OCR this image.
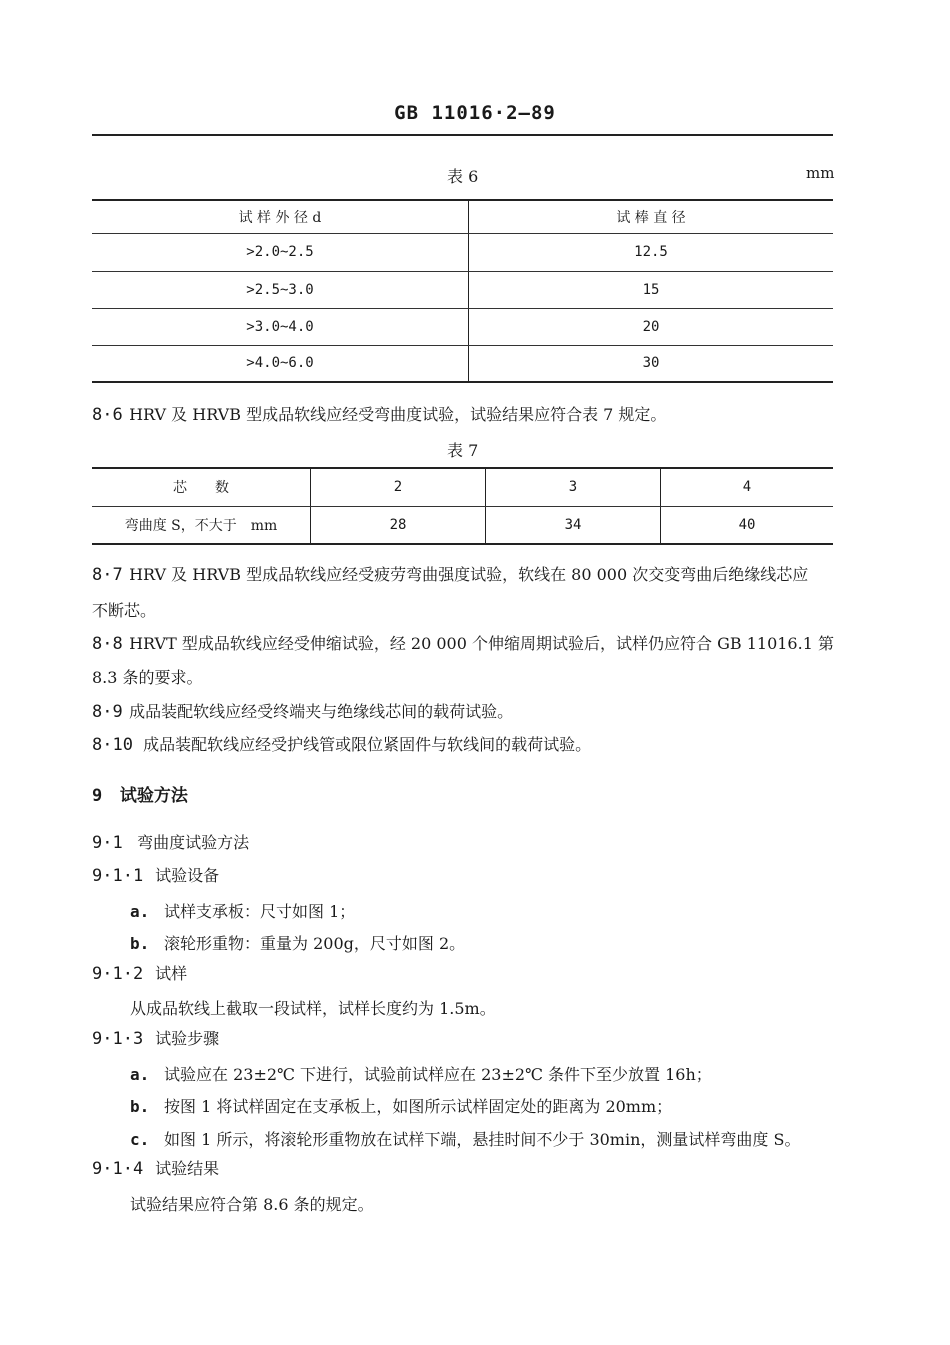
GB 11016·2—89
表 6	mm
试 样 外 径 d	试 棒 直 径
>2.0~2.5	12.5
>2.5~3.0	15
>3.0~4.0	20
>4.0~6.0	30
8·6 HRV 及 HRVB 型成品软线应经受弯曲度试验，试验结果应符合表 7 规定。
表 7
芯　　数	2	3	4
弯曲度 S，不大于　mm	28	34	40
8·7 HRV 及 HRVB 型成品软线应经受疲劳弯曲强度试验，软线在 80 000 次交变弯曲后绝缘线芯应
不断芯。
8·8 HRVT 型成品软线应经受伸缩试验，经 20 000 个伸缩周期试验后，试样仍应符合 GB 11016.1 第
8.3 条的要求。
8·9 成品装配软线应经受终端夹与绝缘线芯间的载荷试验。
8·10 成品装配软线应经受护线管或限位紧固件与软线间的载荷试验。
9 试验方法
9·1 弯曲度试验方法
9·1·1 试验设备
a. 试样支承板：尺寸如图 1；
b. 滚轮形重物：重量为 200g，尺寸如图 2。
9·1·2 试样
从成品软线上截取一段试样，试样长度约为 1.5m。
9·1·3 试验步骤
a. 试验应在 23±2℃ 下进行，试验前试样应在 23±2℃ 条件下至少放置 16h；
b. 按图 1 将试样固定在支承板上，如图所示试样固定处的距离为 20mm；
c. 如图 1 所示，将滚轮形重物放在试样下端，悬挂时间不少于 30min，测量试样弯曲度 S。
9·1·4 试验结果
试验结果应符合第 8.6 条的规定。
